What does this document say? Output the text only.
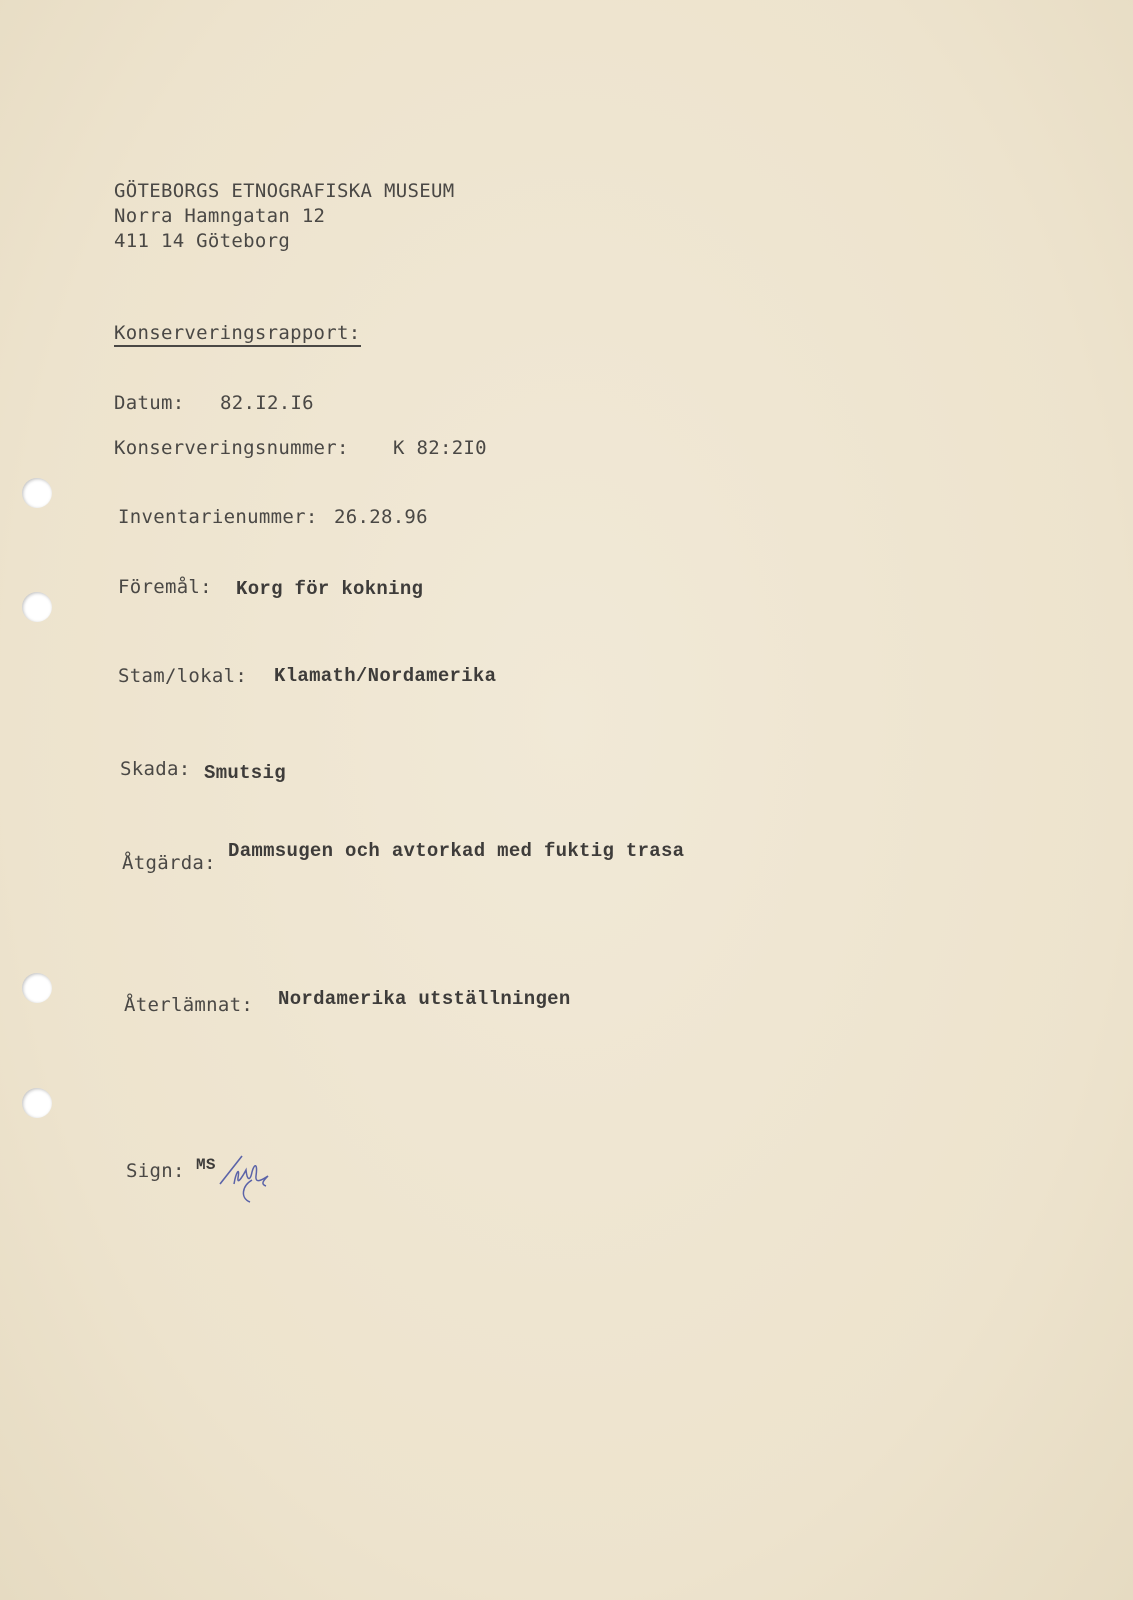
GÖTEBORGS ETNOGRAFISKA MUSEUM
Norra Hamngatan 12
411 14 Göteborg
Konserveringsrapport:
Datum: 82.I2.I6
Konserveringsnummer: K 82:2I0
Inventarienummer: 26.28.96
Föremål: Korg för kokning
Stam/lokal: Klamath/Nordamerika
Skada: Smutsig
Åtgärda:
Dammsugen och avtorkad med fuktig trasa
Återlämnat: Nordamerika utställningen
Sign: MS
